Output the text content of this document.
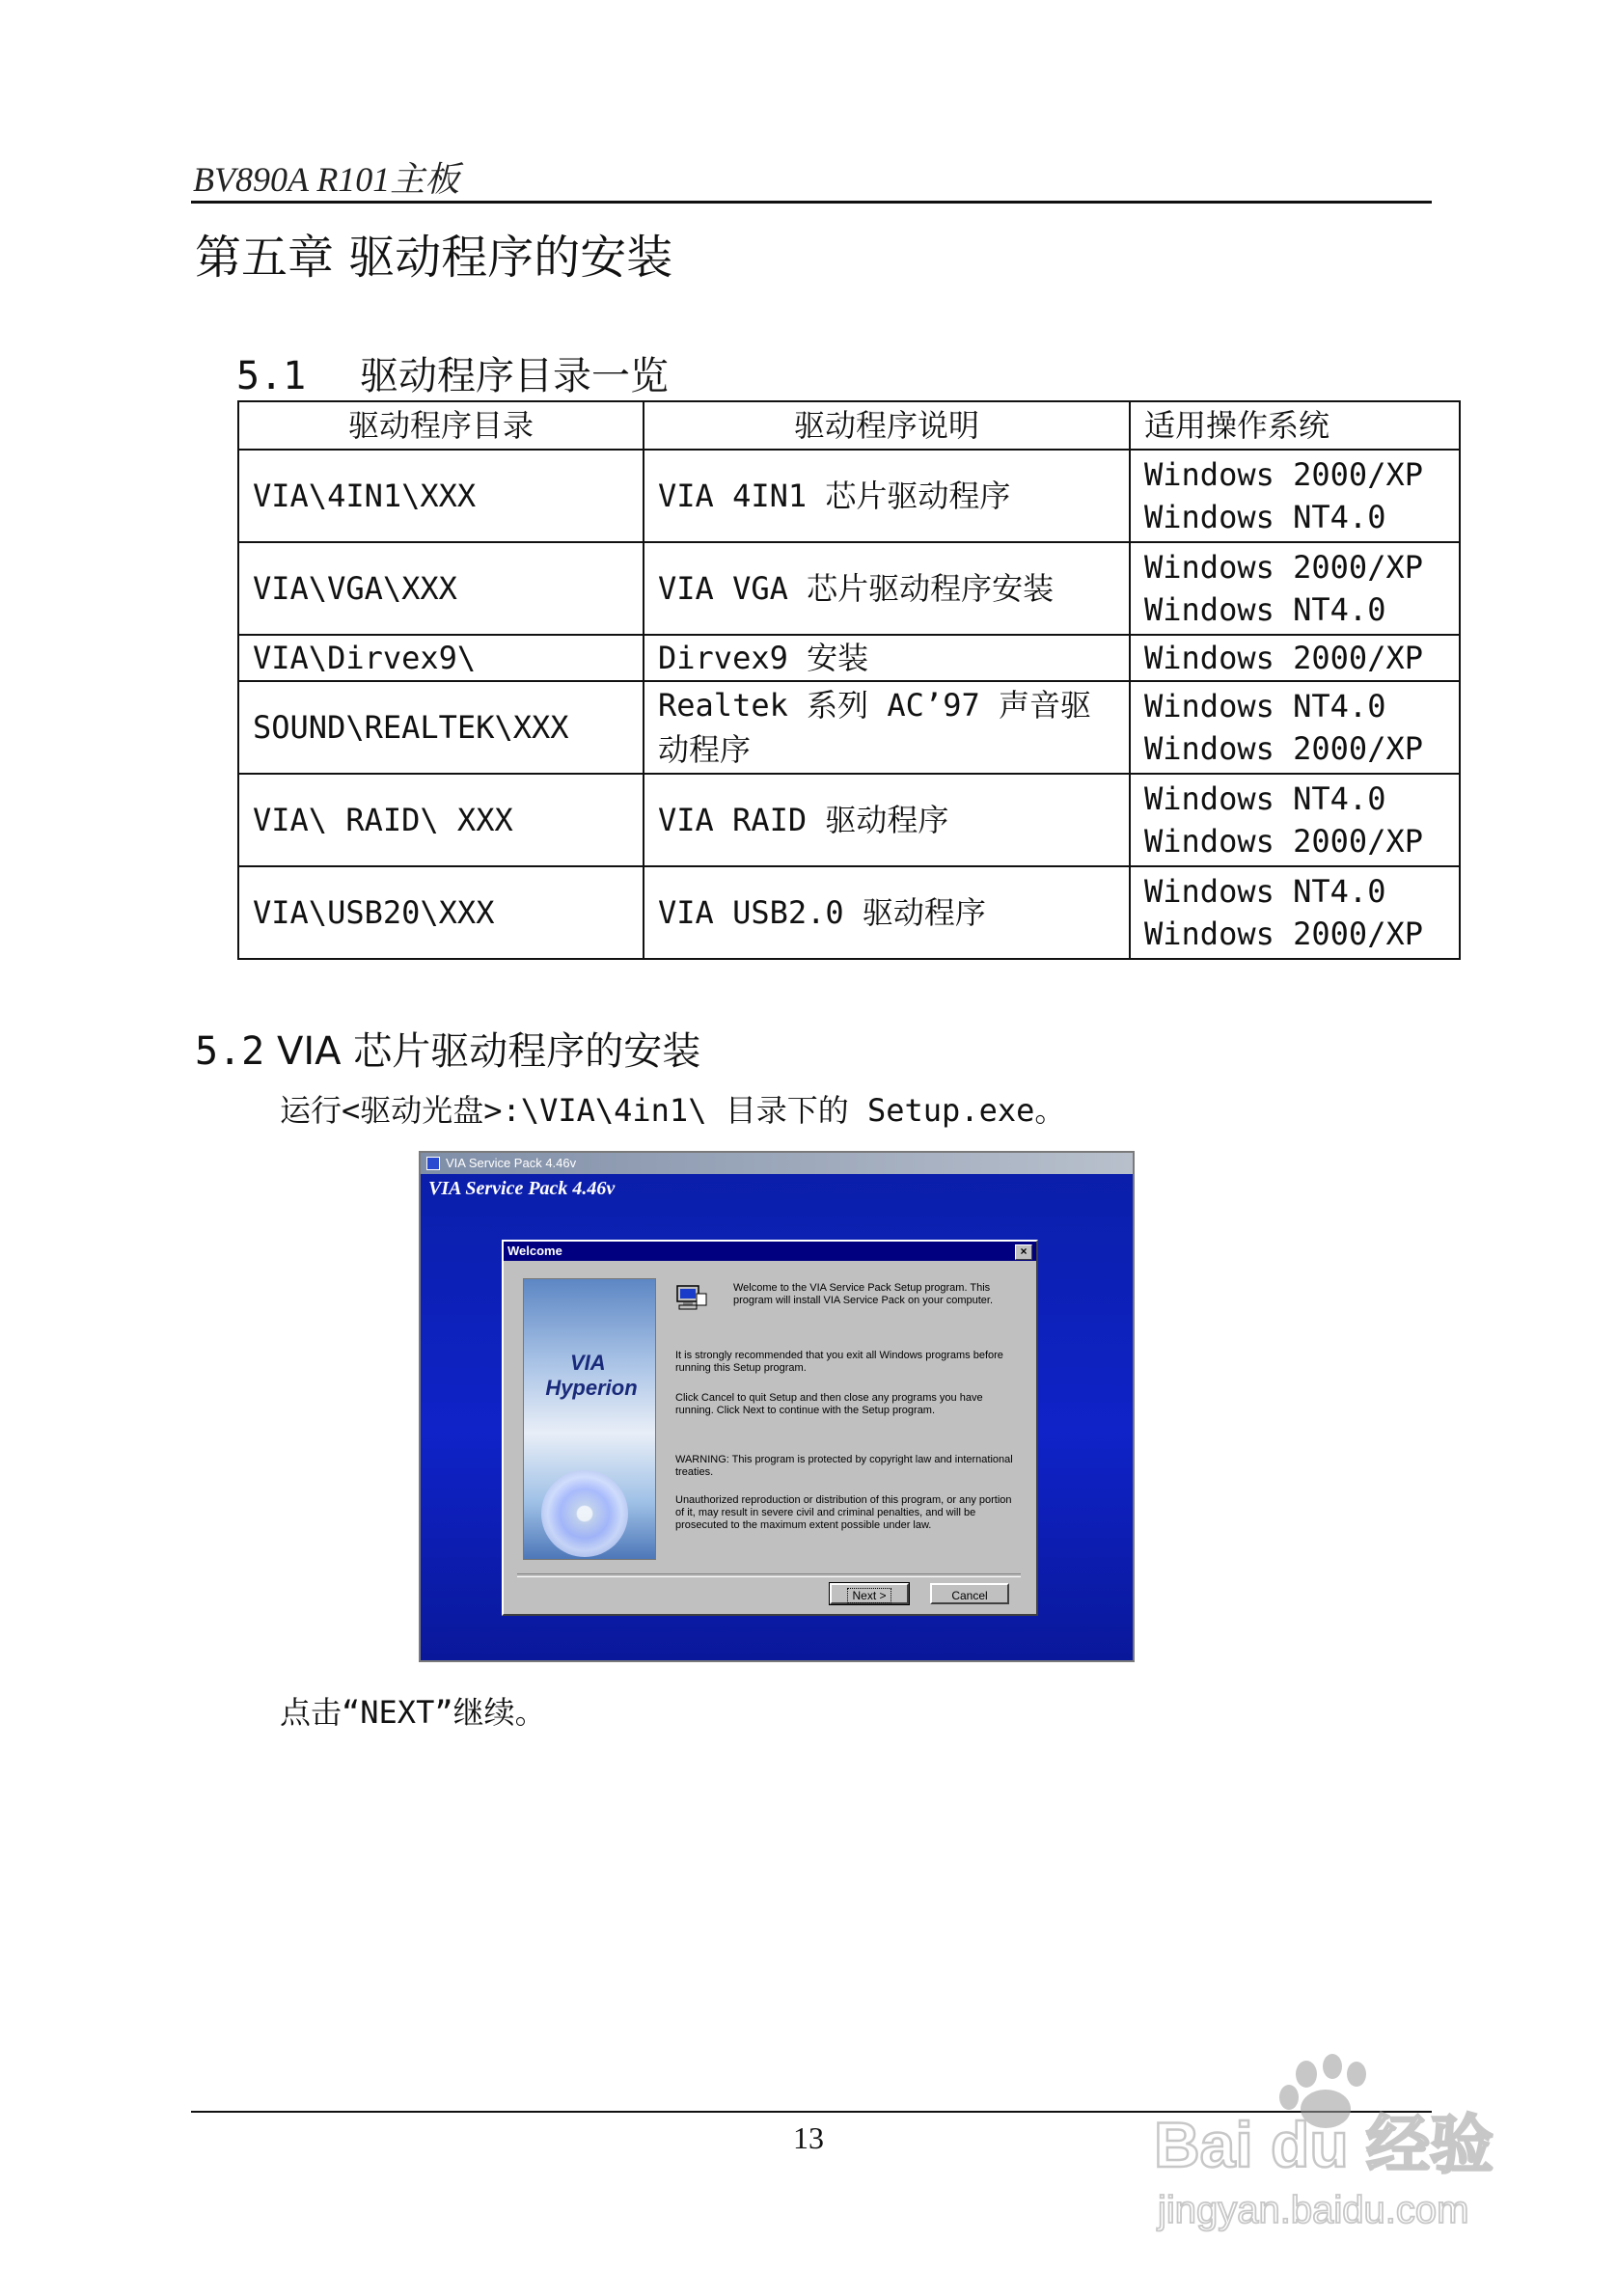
BV890A R101主板
第五章 驱动程序的安装
5.1 驱动程序目录一览
驱动程序目录	驱动程序说明	适用操作系统
VIA\4IN1\XXX	VIA 4IN1 芯片驱动程序	Windows 2000/XP
Windows NT4.0

VIA\VGA\XXX	VIA VGA 芯片驱动程序安装	Windows 2000/XP
Windows NT4.0

VIA\Dirvex9\	Dirvex9 安装	Windows 2000/XP

SOUND\REALTEK\XXX	Realtek 系列 AC’97 声音驱动程序	Windows NT4.0
Windows 2000/XP

VIA\ RAID\ XXX	VIA RAID 驱动程序	Windows NT4.0
Windows 2000/XP

VIA\USB20\XXX	VIA USB2.0 驱动程序	Windows NT4.0
Windows 2000/XP
5.2 VIA 芯片驱动程序的安装
运行<驱动光盘>:\VIA\4in1\ 目录下的 Setup.exe。
VIA Service Pack 4.46v
VIA Service Pack 4.46v
Welcome	×
VIA
Hyperion
Welcome to the VIA Service Pack Setup program. This program will install VIA Service Pack on your computer.
It is strongly recommended that you exit all Windows programs before running this Setup program.
Click Cancel to quit Setup and then close any programs you have running. Click Next to continue with the Setup program.
WARNING: This program is protected by copyright law and international treaties.
Unauthorized reproduction or distribution of this program, or any portion of it, may result in severe civil and criminal penalties, and will be prosecuted to the maximum extent possible under law.
Next >	Cancel
点击“NEXT”继续。
13	Bai du 经验
jingyan.baidu.com
